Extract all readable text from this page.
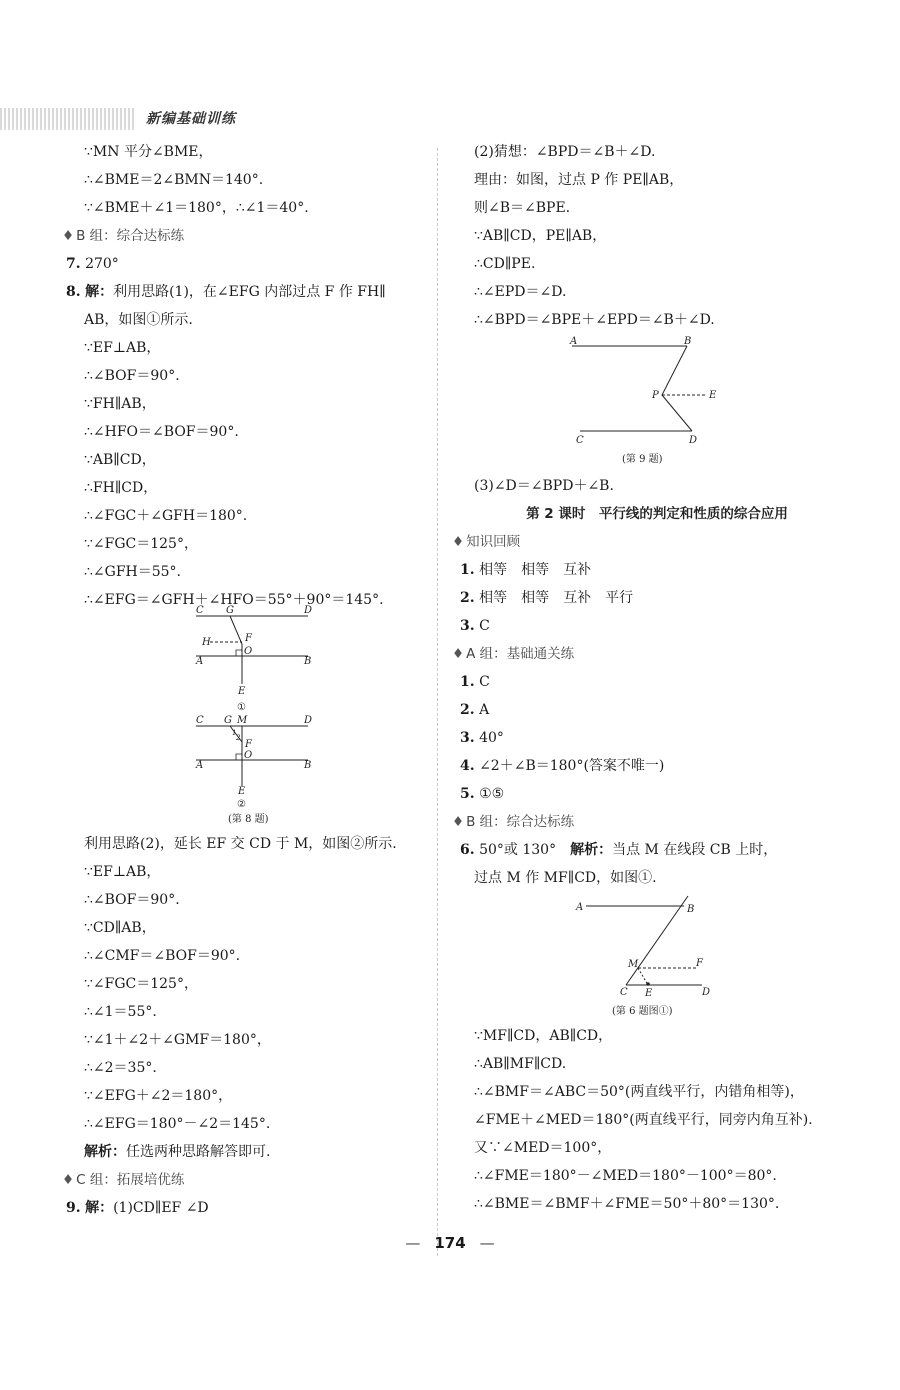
新编基础训练
∵MN 平分∠BME，
∴∠BME＝2∠BMN＝140°.
∵∠BME＋∠1＝180°，∴∠1＝40°.
♦ B 组：综合达标练
7. 270°
8. 解：利用思路(1)，在∠EFG 内部过点 F 作 FH∥
AB，如图①所示.
∵EF⊥AB，
∴∠BOF＝90°.
∵FH∥AB，
∴∠HFO＝∠BOF＝90°.
∵AB∥CD，
∴FH∥CD，
∴∠FGC＋∠GFH＝180°.
∵∠FGC＝125°，
∴∠GFH＝55°.
∴∠EFG＝∠GFH＋∠HFO＝55°＋90°＝145°.
C G	D
H	F
O
A	B
E
①
C G M	D
1
2
F
O
A	B
E
②
(第 8 题)
利用思路(2)，延长 EF 交 CD 于 M，如图②所示.
∵EF⊥AB，
∴∠BOF＝90°.
∵CD∥AB，
∴∠CMF＝∠BOF＝90°.
∵∠FGC＝125°，
∴∠1＝55°.
∵∠1＋∠2＋∠GMF＝180°，
∴∠2＝35°.
∵∠EFG＋∠2＝180°，
∴∠EFG＝180°－∠2＝145°.
解析：任选两种思路解答即可.
♦ C 组：拓展培优练
9. 解：(1)CD∥EF ∠D
(2)猜想：∠BPD＝∠B＋∠D.
理由：如图，过点 P 作 PE∥AB，
则∠B＝∠BPE.
∵AB∥CD，PE∥AB，
∴CD∥PE.
∴∠EPD＝∠D.
∴∠BPD＝∠BPE＋∠EPD＝∠B＋∠D.
A	B
P	E
C	D
(第 9 题)
(3)∠D＝∠BPD＋∠B.
第 2 课时　平行线的判定和性质的综合应用
♦ 知识回顾
1. 相等　相等　互补
2. 相等　相等　互补　平行
3. C
♦ A 组：基础通关练
1. C
2. A
3. 40°
4. ∠2＋∠B＝180°(答案不唯一)
5. ①⑤
♦ B 组：综合达标练
6. 50°或 130°　 解析：当点 M 在线段 CB 上时，
过点 M 作 MF∥CD，如图①.
A	B
M	F
C E	D
(第 6 题图①)
∵MF∥CD，AB∥CD，
∴AB∥MF∥CD.
∴∠BMF＝∠ABC＝50°(两直线平行，内错角相等)，
∠FME＋∠MED＝180°(两直线平行，同旁内角互补).
又∵∠MED＝100°，
∴∠FME＝180°－∠MED＝180°－100°＝80°.
∴∠BME＝∠BMF＋∠FME＝50°＋80°＝130°.
— 174 —
